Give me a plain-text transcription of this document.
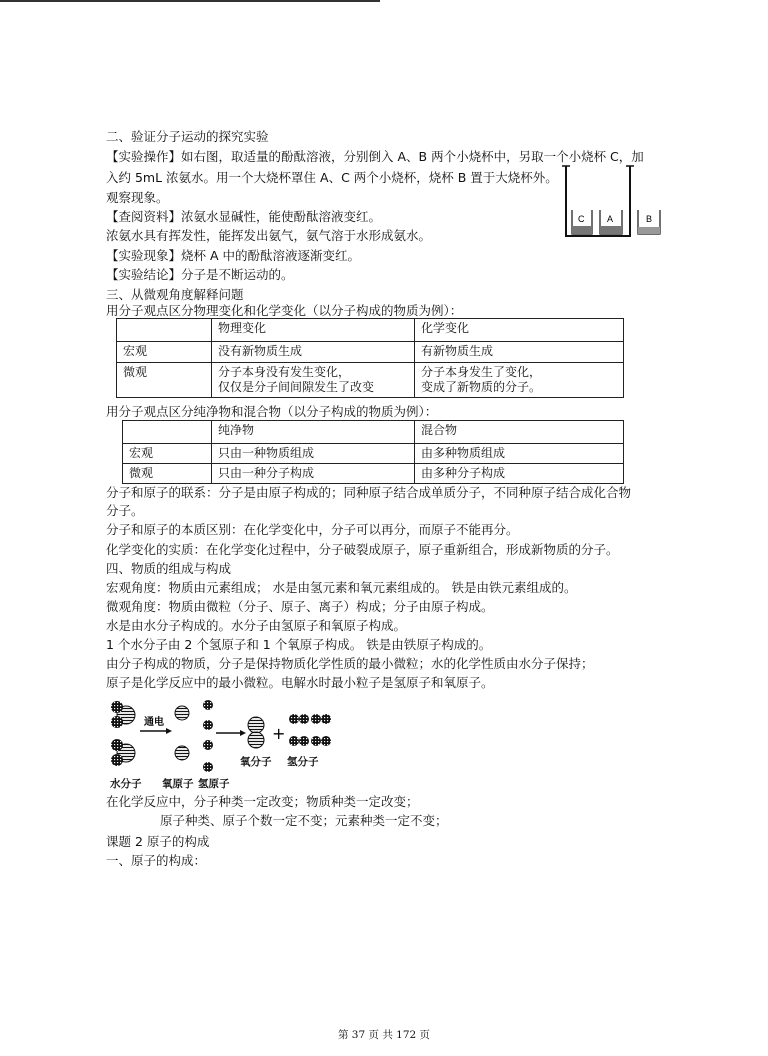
二、验证分子运动的探究实验
【实验操作】如右图，取适量的酚酞溶液，分别倒入 A、B 两个小烧杯中，另取一个小烧杯 C，加
入约 5mL 浓氨水。用一个大烧杯罩住 A、C 两个小烧杯，烧杯 B 置于大烧杯外。
观察现象。
【查阅资料】浓氨水显碱性，能使酚酞溶液变红。
浓氨水具有挥发性，能挥发出氨气，氨气溶于水形成氨水。
【实验现象】烧杯 A 中的酚酞溶液逐渐变红。
【实验结论】分子是不断运动的。
C	A	B
三、从微观角度解释问题
用分子观点区分物理变化和化学变化（以分子构成的物质为例）：
	物理变化	化学变化
宏观	没有新物质生成	有新物质生成
微观	分子本身没有发生变化，
仅仅是分子间间隙发生了改变	分子本身发生了变化，
变成了新物质的分子。
用分子观点区分纯净物和混合物（以分子构成的物质为例）：
	纯净物	混合物
宏观	只由一种物质组成	由多种物质组成
微观	只由一种分子构成	由多种分子构成
分子和原子的联系：分子是由原子构成的；同种原子结合成单质分子，不同种原子结合成化合物
分子。
分子和原子的本质区别：在化学变化中，分子可以再分，而原子不能再分。
化学变化的实质：在化学变化过程中，分子破裂成原子，原子重新组合，形成新物质的分子。
四、物质的组成与构成
宏观角度：物质由元素组成； 水是由氢元素和氧元素组成的。 铁是由铁元素组成的。
微观角度：物质由微粒（分子、原子、离子）构成；分子由原子构成。
水是由水分子构成的。水分子由氢原子和氧原子构成。
1 个水分子由 2 个氢原子和 1 个氧原子构成。 铁是由铁原子构成的。
由分子构成的物质，分子是保持物质化学性质的最小微粒；水的化学性质由水分子保持；
原子是化学反应中的最小微粒。电解水时最小粒子是氢原子和氧原子。
通电
+
水分子 氧原子 氢原子
氧分子 氢分子
在化学反应中，分子种类一定改变；物质种类一定改变；
原子种类、原子个数一定不变；元素种类一定不变；
课题 2 原子的构成
一、原子的构成：
第 37 页 共 172 页
